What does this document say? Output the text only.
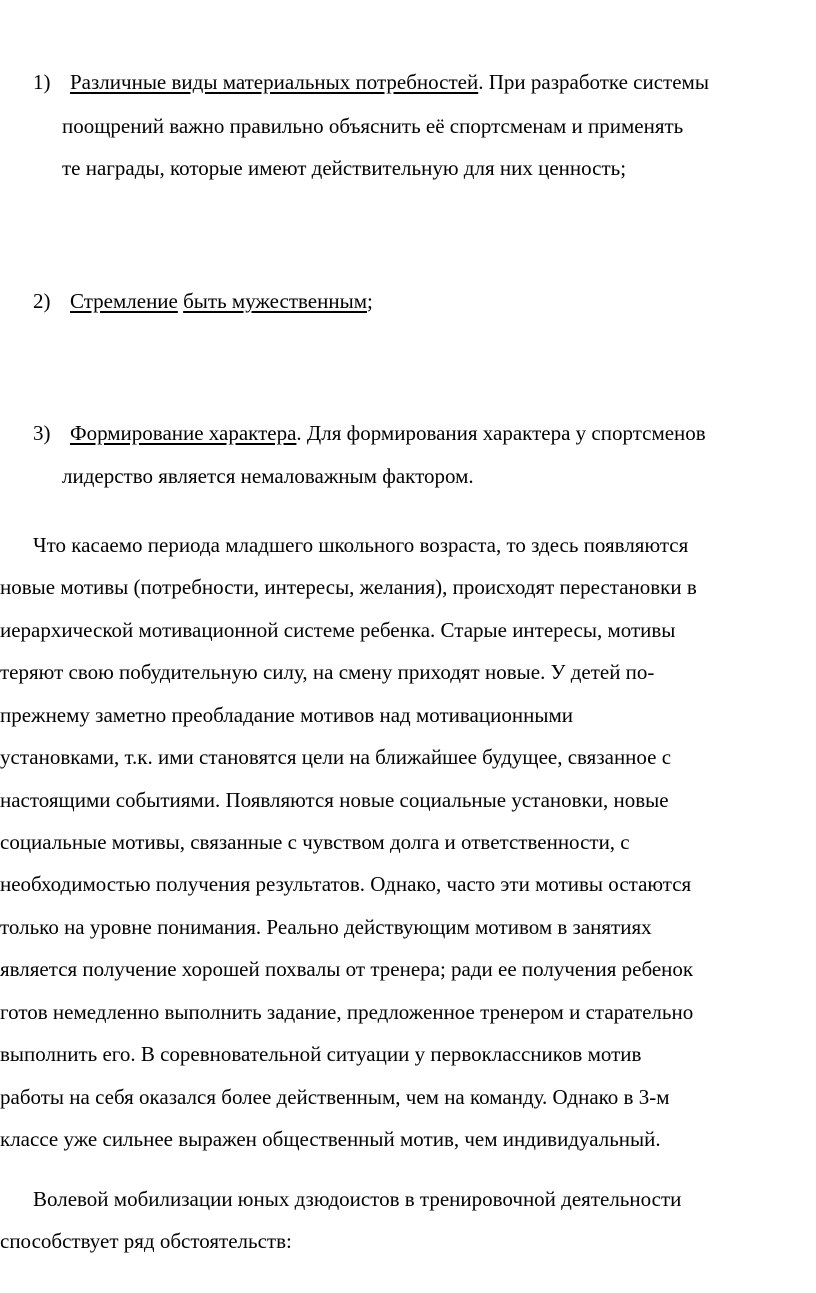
1) Различные виды материальных потребностей. При разработке системы
поощрений важно правильно объяснить её спортсменам и применять
те награды, которые имеют действительную для них ценность;
2) Стремление быть мужественным;
3) Формирование характера. Для формирования характера у спортсменов
лидерство является немаловажным фактором.
Что касаемо периода младшего школьного возраста, то здесь появляются
новые мотивы (потребности, интересы, желания), происходят перестановки в
иерархической мотивационной системе ребенка. Старые интересы, мотивы
теряют свою побудительную силу, на смену приходят новые. У детей по-
прежнему заметно преобладание мотивов над мотивационными
установками, т.к. ими становятся цели на ближайшее будущее, связанное с
настоящими событиями. Появляются новые социальные установки, новые
социальные мотивы, связанные с чувством долга и ответственности, с
необходимостью получения результатов. Однако, часто эти мотивы остаются
только на уровне понимания. Реально действующим мотивом в занятиях
является получение хорошей похвалы от тренера; ради ее получения ребенок
готов немедленно выполнить задание, предложенное тренером и старательно
выполнить его. В соревновательной ситуации у первоклассников мотив
работы на себя оказался более действенным, чем на команду. Однако в 3-м
классе уже сильнее выражен общественный мотив, чем индивидуальный.
Волевой мобилизации юных дзюдоистов в тренировочной деятельности
способствует ряд обстоятельств:
